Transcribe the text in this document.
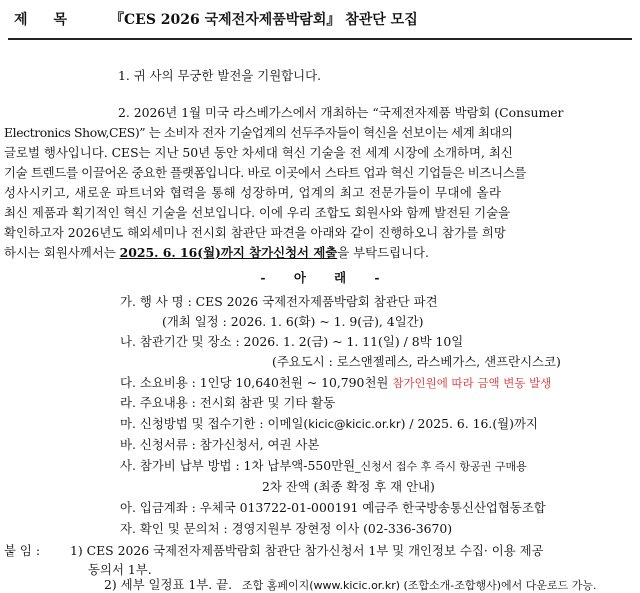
제목 『CES 2026 국제전자제품박람회』 참관단 모집
1. 귀 사의 무궁한 발전을 기원합니다.
2. 2026년 1월 미국 라스베가스에서 개최하는 “국제전자제품 박람회 (Consumer
Electronics Show,CES)” 는 소비자 전자 기술업계의 선두주자들이 혁신을 선보이는 세계 최대의
글로벌 행사입니다. CES는 지난 50년 동안 차세대 혁신 기술을 전 세계 시장에 소개하며, 최신
기술 트렌드를 이끌어온 중요한 플랫폼입니다. 바로 이곳에서 스타트 업과 혁신 기업들은 비즈니스를
성사시키고, 새로운 파트너와 협력을 통해 성장하며, 업계의 최고 전문가들이 무대에 올라
최신 제품과 획기적인 혁신 기술을 선보입니다. 이에 우리 조합도 회원사와 함께 발전된 기술을
확인하고자 2026년도 해외세미나 전시회 참관단 파견을 아래와 같이 진행하오니 참가를 희망
하시는 회원사께서는 2025. 6. 16(월)까지 참가신청서 제출을 부탁드립니다.
- 아 래 -
가. 행 사 명 : CES 2026 국제전자제품박람회 참관단 파견
(개최 일정 : 2026. 1. 6(화) ~ 1. 9(금), 4일간)
나. 참관기간 및 장소 : 2026. 1. 2(금) ~ 1. 11(일) / 8박 10일
(주요도시 : 로스앤젤레스, 라스베가스, 샌프란시스코)
다. 소요비용 : 1인당 10,640천원 ~ 10,790천원 참가인원에 따라 금액 변동 발생
라. 주요내용 : 전시회 참관 및 기타 활동
마. 신청방법 및 접수기한 : 이메일(kicic@kicic.or.kr) / 2025. 6. 16.(월)까지
바. 신청서류 : 참가신청서, 여권 사본
사. 참가비 납부 방법 : 1차 납부액-550만원_신청서 접수 후 즉시 항공권 구매용
2차 잔액 (최종 확정 후 재 안내)
아. 입금계좌 : 우체국 013722-01-000191 예금주 한국방송통신산업협동조합
자. 확인 및 문의처 : 경영지원부 장현정 이사 (02-336-3670)
붙 임 : 1) CES 2026 국제전자제품박람회 참관단 참가신청서 1부 및 개인정보 수집· 이용 제공
동의서 1부.
2) 세부 일정표 1부. 끝. 조합 홈페이지(www.kicic.or.kr) (조합소개-조합행사)에서 다운로드 가능.
